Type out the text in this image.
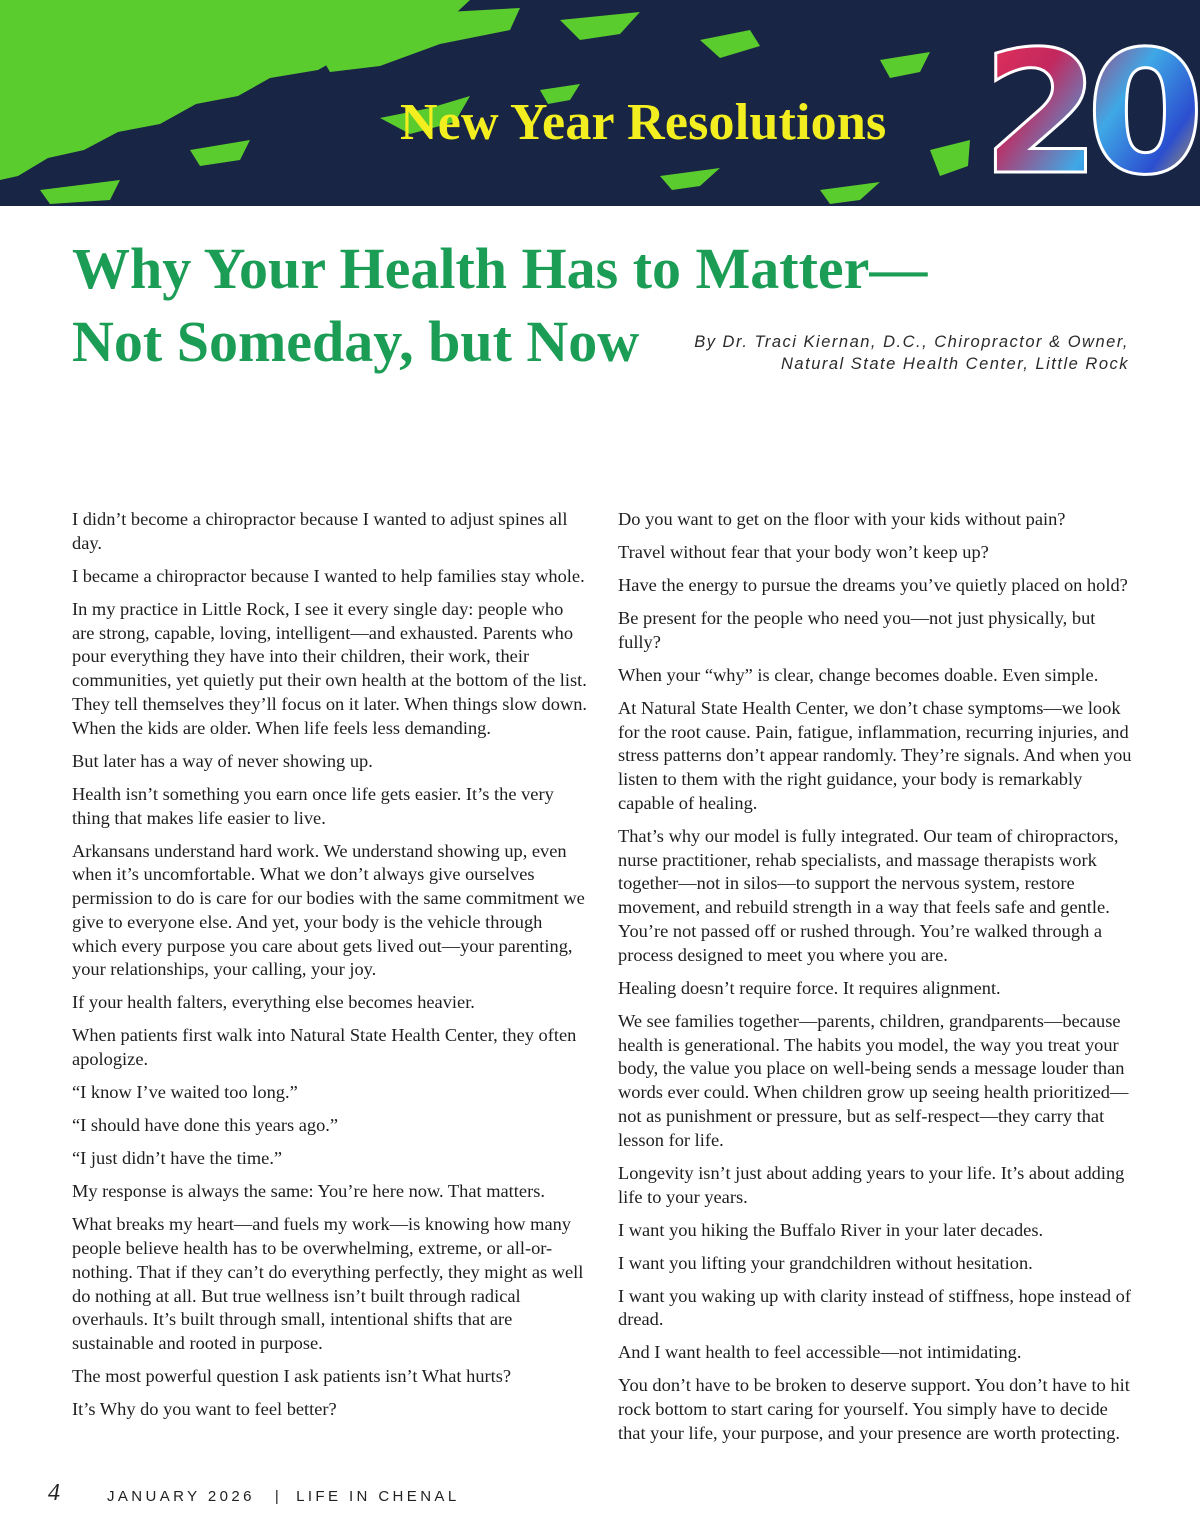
New Year Resolutions 20
Why Your Health Has to Matter—
Not Someday, but Now	By Dr. Traci Kiernan, D.C., Chiropractor & Owner,
Natural State Health Center, Little Rock

I didn’t become a chiropractor because I wanted to adjust spines all day.

I became a chiropractor because I wanted to help families stay whole.

In my practice in Little Rock, I see it every single day: people who are strong, capable, loving, intelligent—and exhausted. Parents who pour everything they have into their children, their work, their communities, yet quietly put their own health at the bottom of the list. They tell themselves they’ll focus on it later. When things slow down. When the kids are older. When life feels less demanding.

But later has a way of never showing up.

Health isn’t something you earn once life gets easier. It’s the very thing that makes life easier to live.

Arkansans understand hard work. We understand showing up, even when it’s uncomfortable. What we don’t always give ourselves permission to do is care for our bodies with the same commitment we give to everyone else. And yet, your body is the vehicle through which every purpose you care about gets lived out—your parenting, your relationships, your calling, your joy.

If your health falters, everything else becomes heavier.

When patients first walk into Natural State Health Center, they often apologize.

“I know I’ve waited too long.”

“I should have done this years ago.”

“I just didn’t have the time.”

My response is always the same: You’re here now. That matters.

What breaks my heart—and fuels my work—is knowing how many people believe health has to be overwhelming, extreme, or all-or-nothing. That if they can’t do everything perfectly, they might as well do nothing at all. But true wellness isn’t built through radical overhauls. It’s built through small, intentional shifts that are sustainable and rooted in purpose.

The most powerful question I ask patients isn’t What hurts?

It’s Why do you want to feel better?

Do you want to get on the floor with your kids without pain?

Travel without fear that your body won’t keep up?

Have the energy to pursue the dreams you’ve quietly placed on hold?

Be present for the people who need you—not just physically, but fully?

When your “why” is clear, change becomes doable. Even simple.

At Natural State Health Center, we don’t chase symptoms—we look for the root cause. Pain, fatigue, inflammation, recurring injuries, and stress patterns don’t appear randomly. They’re signals. And when you listen to them with the right guidance, your body is remarkably capable of healing.

That’s why our model is fully integrated. Our team of chiropractors, nurse practitioner, rehab specialists, and massage therapists work together—not in silos—to support the nervous system, restore movement, and rebuild strength in a way that feels safe and gentle. You’re not passed off or rushed through. You’re walked through a process designed to meet you where you are.

Healing doesn’t require force. It requires alignment.

We see families together—parents, children, grandparents—because health is generational. The habits you model, the way you treat your body, the value you place on well-being sends a message louder than words ever could. When children grow up seeing health prioritized—not as punishment or pressure, but as self-respect—they carry that lesson for life.

Longevity isn’t just about adding years to your life. It’s about adding life to your years.

I want you hiking the Buffalo River in your later decades.

I want you lifting your grandchildren without hesitation.

I want you waking up with clarity instead of stiffness, hope instead of dread.

And I want health to feel accessible—not intimidating.

You don’t have to be broken to deserve support. You don’t have to hit rock bottom to start caring for yourself. You simply have to decide that your life, your purpose, and your presence are worth protecting.

4	JANUARY 2026 | LIFE IN CHENAL
